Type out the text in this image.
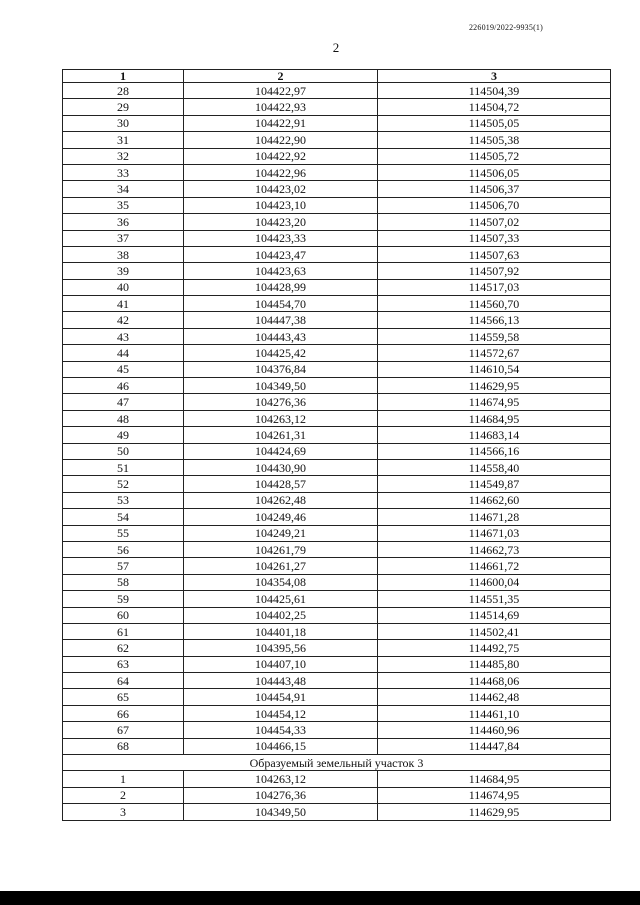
226019/2022-9935(1)
2
1	2	3
28	104422,97	114504,39
29	104422,93	114504,72
30	104422,91	114505,05
31	104422,90	114505,38
32	104422,92	114505,72
33	104422,96	114506,05
34	104423,02	114506,37
35	104423,10	114506,70
36	104423,20	114507,02
37	104423,33	114507,33
38	104423,47	114507,63
39	104423,63	114507,92
40	104428,99	114517,03
41	104454,70	114560,70
42	104447,38	114566,13
43	104443,43	114559,58
44	104425,42	114572,67
45	104376,84	114610,54
46	104349,50	114629,95
47	104276,36	114674,95
48	104263,12	114684,95
49	104261,31	114683,14
50	104424,69	114566,16
51	104430,90	114558,40
52	104428,57	114549,87
53	104262,48	114662,60
54	104249,46	114671,28
55	104249,21	114671,03
56	104261,79	114662,73
57	104261,27	114661,72
58	104354,08	114600,04
59	104425,61	114551,35
60	104402,25	114514,69
61	104401,18	114502,41
62	104395,56	114492,75
63	104407,10	114485,80
64	104443,48	114468,06
65	104454,91	114462,48
66	104454,12	114461,10
67	104454,33	114460,96
68	104466,15	114447,84
Образуемый земельный участок 3		
1	104263,12	114684,95
2	104276,36	114674,95
3	104349,50	114629,95
